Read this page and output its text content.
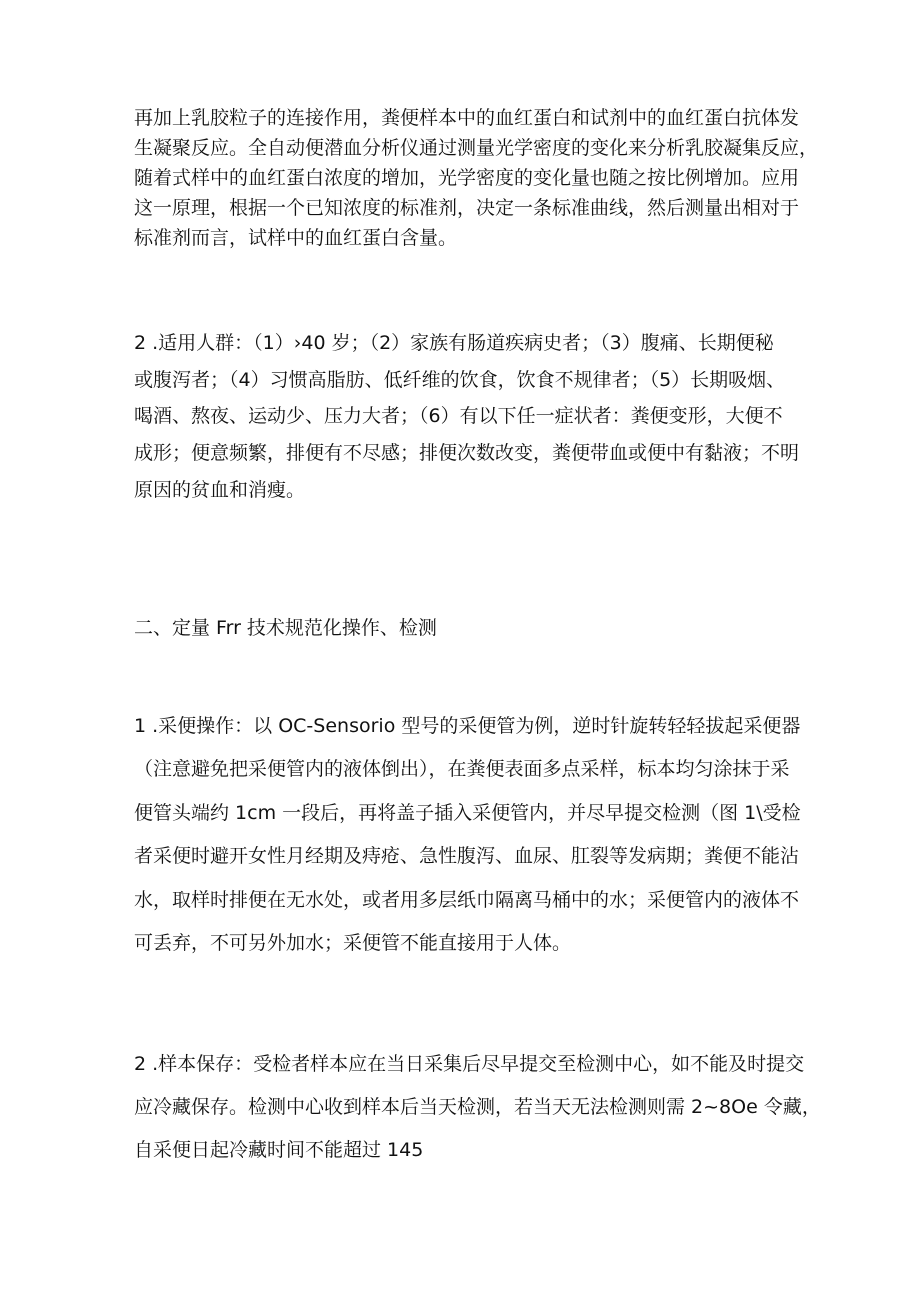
再加上乳胶粒子的连接作用，粪便样本中的血红蛋白和试剂中的血红蛋白抗体发
生凝聚反应。全自动便潜血分析仪通过测量光学密度的变化来分析乳胶凝集反应，
随着式样中的血红蛋白浓度的增加，光学密度的变化量也随之按比例增加。应用
这一原理，根据一个已知浓度的标准剂，决定一条标准曲线，然后测量出相对于
标准剂而言，试样中的血红蛋白含量。
2 .适用人群：（1）›40 岁；（2）家族有肠道疾病史者；（3）腹痛、长期便秘
或腹泻者；（4）习惯高脂肪、低纤维的饮食，饮食不规律者；（5）长期吸烟、
喝酒、熬夜、运动少、压力大者；（6）有以下任一症状者：粪便变形，大便不
成形；便意频繁，排便有不尽感；排便次数改变，粪便带血或便中有黏液；不明
原因的贫血和消瘦。
二、定量 Frr 技术规范化操作、检测
1 .采便操作：以 OC-Sensorio 型号的采便管为例，逆时针旋转轻轻拔起采便器
（注意避免把采便管内的液体倒出），在粪便表面多点采样，标本均匀涂抹于采
便管头端约 1cm 一段后，再将盖子插入采便管内，并尽早提交检测（图 1\受检
者采便时避开女性月经期及痔疮、急性腹泻、血尿、肛裂等发病期；粪便不能沾
水，取样时排便在无水处，或者用多层纸巾隔离马桶中的水；采便管内的液体不
可丢弃，不可另外加水；采便管不能直接用于人体。
2 .样本保存：受检者样本应在当日采集后尽早提交至检测中心，如不能及时提交
应冷藏保存。检测中心收到样本后当天检测，若当天无法检测则需 2~8Oe 令藏，
自采便日起冷藏时间不能超过 145
